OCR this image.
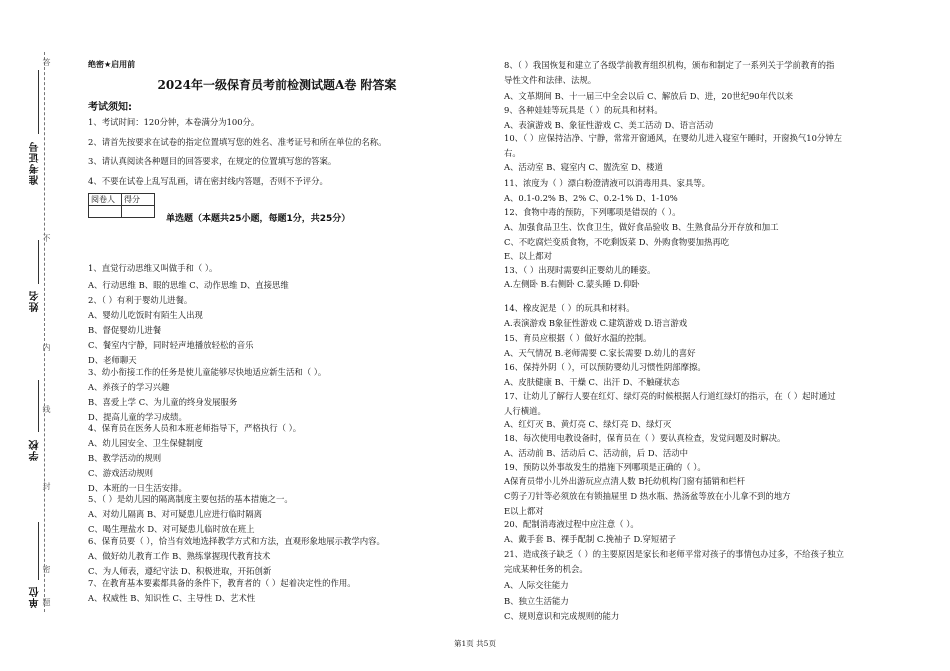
答
不
内
线
封
密
题
准考证号
姓名
学校
单位
绝密★启用前
2024年一级保育员考前检测试题A卷 附答案
考试须知:
1、考试时间：120分钟，本卷满分为100分。
2、请首先按要求在试卷的指定位置填写您的姓名、准考证号和所在单位的名称。
3、请认真阅读各种题目的回答要求，在规定的位置填写您的答案。
4、不要在试卷上乱写乱画，请在密封线内答题，否则不予评分。
阅卷人	得分

单选题（本题共25小题，每题1分，共25分）
1、直觉行动思维又叫做手和（ ）。
A、行动思维 B、眼的思维 C、动作思维 D、直接思维
2、（ ）有利于婴幼儿进餐。
A、婴幼儿吃饭时有陌生人出现
B、督促婴幼儿进餐
C、餐室内宁静，同时轻声地播放轻松的音乐
D、老师聊天
3、幼小衔接工作的任务是使儿童能够尽快地适应新生活和（ ）。
A、养孩子的学习兴趣
B、喜爱上学 C、为儿童的终身发展服务
D、提高儿童的学习成绩。
4、保育员在医务人员和本班老师指导下，严格执行（ ）。
A、幼儿园安全、卫生保健制度
B、教学活动的规则
C、游戏活动规则
D、本班的一日生活安排。
5、（ ）是幼儿园的隔离制度主要包括的基本措施之一。
A、对幼儿隔离 B、对可疑患儿应进行临时隔离
C、喝生理盐水 D、对可疑患儿临时放在班上
6、保育员要（ ），恰当有效地选择教学方式和方法，直观形象地展示教学内容。
A、做好幼儿教育工作 B、熟练掌握现代教育技术
C、为人师表，遵纪守法 D、积极进取，开拓创新
7、在教育基本要素都具备的条件下，教育者的（ ）起着决定性的作用。
A、权威性 B、知识性 C、主导性 D、艺术性
8、（ ）我国恢复和建立了各级学前教育组织机构，颁布和制定了一系列关于学前教育的指
导性文件和法律、法规。
A、文革期间 B、十一届三中全会以后 C、解放后 D、进，20世纪90年代以来
9、各种娃娃等玩具是（ ）的玩具和材料。
A、表演游戏 B、象征性游戏 C、美工活动 D、语言活动
10、（ ）应保持洁净、宁静，常常开窗通风，在婴幼儿进入寝室午睡时，开窗换气10分钟左
右。
A、活动室 B、寝室内 C、盥洗室 D、楼道
11、浓度为（ ）漂白粉澄清液可以消毒用具、家具等。
A、0.1-0.2% B、2% C、0.2-1% D、1-10%
12、食物中毒的预防，下列哪项是错误的（ ）。
A、加强食品卫生、饮食卫生，做好食品验收 B、生熟食品分开存放和加工
C、不吃腐烂变质食物，不吃剩饭菜 D、外购食物要加热再吃
E、以上都对
13、（ ）出现时需要纠正婴幼儿的睡姿。
A.左侧卧 B.右侧卧 C.蒙头睡 D.仰卧
14、橡皮泥是（ ）的玩具和材料。
A.表演游戏 B象征性游戏 C.建筑游戏 D.语言游戏
15、育员应根据（ ）做好水温的控制。
A、天气情况 B.老师需要 C.家长需要 D.幼儿的喜好
16、保持外阴（ ），可以预防婴幼儿习惯性阴部摩擦。
A、皮肤健康 B、干燥 C、出汗 D、不触碰状态
17、让幼儿了解行人要在红灯、绿灯亮的时候根据人行道红绿灯的指示，在（ ）起时通过
人行横道。
A、红灯灭 B、黄灯亮 C、绿灯亮 D、绿灯灭
18、每次使用电教设备时，保育员在（ ）要认真检查，发觉问题及时解决。
A、活动前 B、活动后 C、活动前，后 D、活动中
19、预防以外事故发生的措施下列哪项是正确的（ ）。
A保育员带小儿外出游玩应点清人数 B托幼机构门窗有插销和栏杆
C剪子刀针等必须放在有锁抽屉里 D 热水瓶、热汤盆等放在小儿拿不到的地方
E以上都对
20、配制消毒液过程中应注意（ ）。
A、戴手套 B、裸手配制 C.挽袖子 D.穿短裙子
21、造成孩子缺乏（ ）的主要原因是家长和老师平常对孩子的事情包办过多，不给孩子独立
完成某种任务的机会。
A、人际交往能力
B、独立生活能力
C、规则意识和完成规则的能力
第1页 共5页
